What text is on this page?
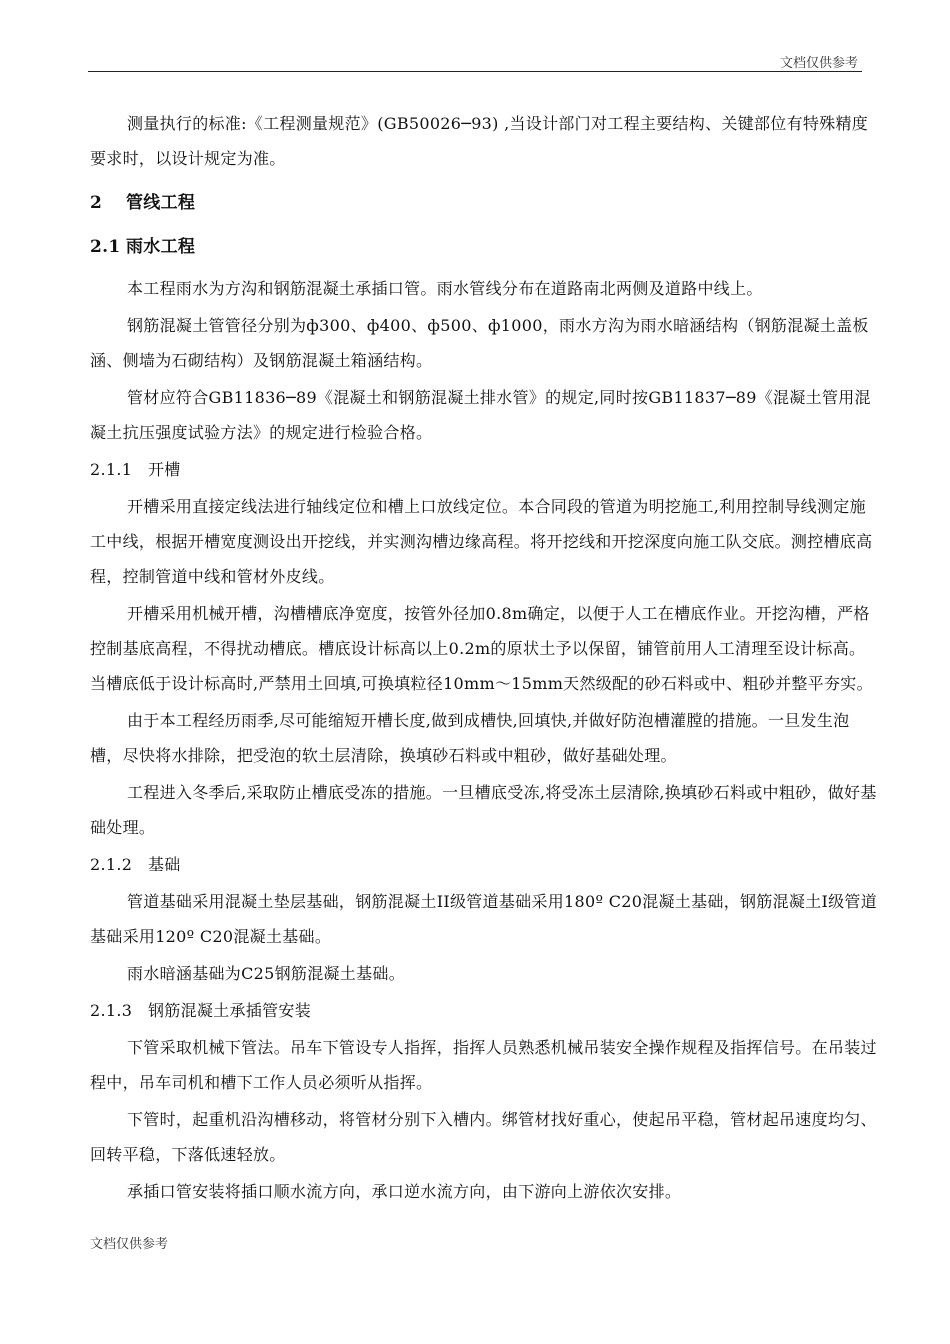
文档仅供参考

测量执行的标准:《工程测量规范》(GB50026─93) ,当设计部门对工程主要结构、关键部位有特殊精度要求时，以设计规定为准。

2 管线工程

2.1 雨水工程

本工程雨水为方沟和钢筋混凝土承插口管。雨水管线分布在道路南北两侧及道路中线上。

钢筋混凝土管管径分别为ф300、ф400、ф500、ф1000，雨水方沟为雨水暗涵结构（钢筋混凝土盖板涵、侧墙为石砌结构）及钢筋混凝土箱涵结构。

管材应符合GB11836─89《混凝土和钢筋混凝土排水管》的规定,同时按GB11837─89《混凝土管用混凝土抗压强度试验方法》的规定进行检验合格。

2.1.1 开槽

开槽采用直接定线法进行轴线定位和槽上口放线定位。本合同段的管道为明挖施工,利用控制导线测定施工中线，根据开槽宽度测设出开挖线，并实测沟槽边缘高程。将开挖线和开挖深度向施工队交底。测控槽底高程，控制管道中线和管材外皮线。

开槽采用机械开槽，沟槽槽底净宽度，按管外径加0.8m确定，以便于人工在槽底作业。开挖沟槽，严格控制基底高程，不得扰动槽底。槽底设计标高以上0.2m的原状土予以保留，铺管前用人工清理至设计标高。当槽底低于设计标高时,严禁用土回填,可换填粒径10mm～15mm天然级配的砂石料或中、粗砂并整平夯实。

由于本工程经历雨季,尽可能缩短开槽长度,做到成槽快,回填快,并做好防泡槽灌膛的措施。一旦发生泡槽，尽快将水排除，把受泡的软土层清除，换填砂石料或中粗砂，做好基础处理。

工程进入冬季后,采取防止槽底受冻的措施。一旦槽底受冻,将受冻土层清除,换填砂石料或中粗砂，做好基础处理。

2.1.2 基础

管道基础采用混凝土垫层基础，钢筋混凝土II级管道基础采用180º C20混凝土基础，钢筋混凝土I级管道基础采用120º C20混凝土基础。

雨水暗涵基础为C25钢筋混凝土基础。

2.1.3 钢筋混凝土承插管安装

下管采取机械下管法。吊车下管设专人指挥，指挥人员熟悉机械吊装安全操作规程及指挥信号。在吊装过程中，吊车司机和槽下工作人员必须听从指挥。

下管时，起重机沿沟槽移动，将管材分别下入槽内。绑管材找好重心，使起吊平稳，管材起吊速度均匀、回转平稳，下落低速轻放。

承插口管安装将插口顺水流方向，承口逆水流方向，由下游向上游依次安排。

文档仅供参考
